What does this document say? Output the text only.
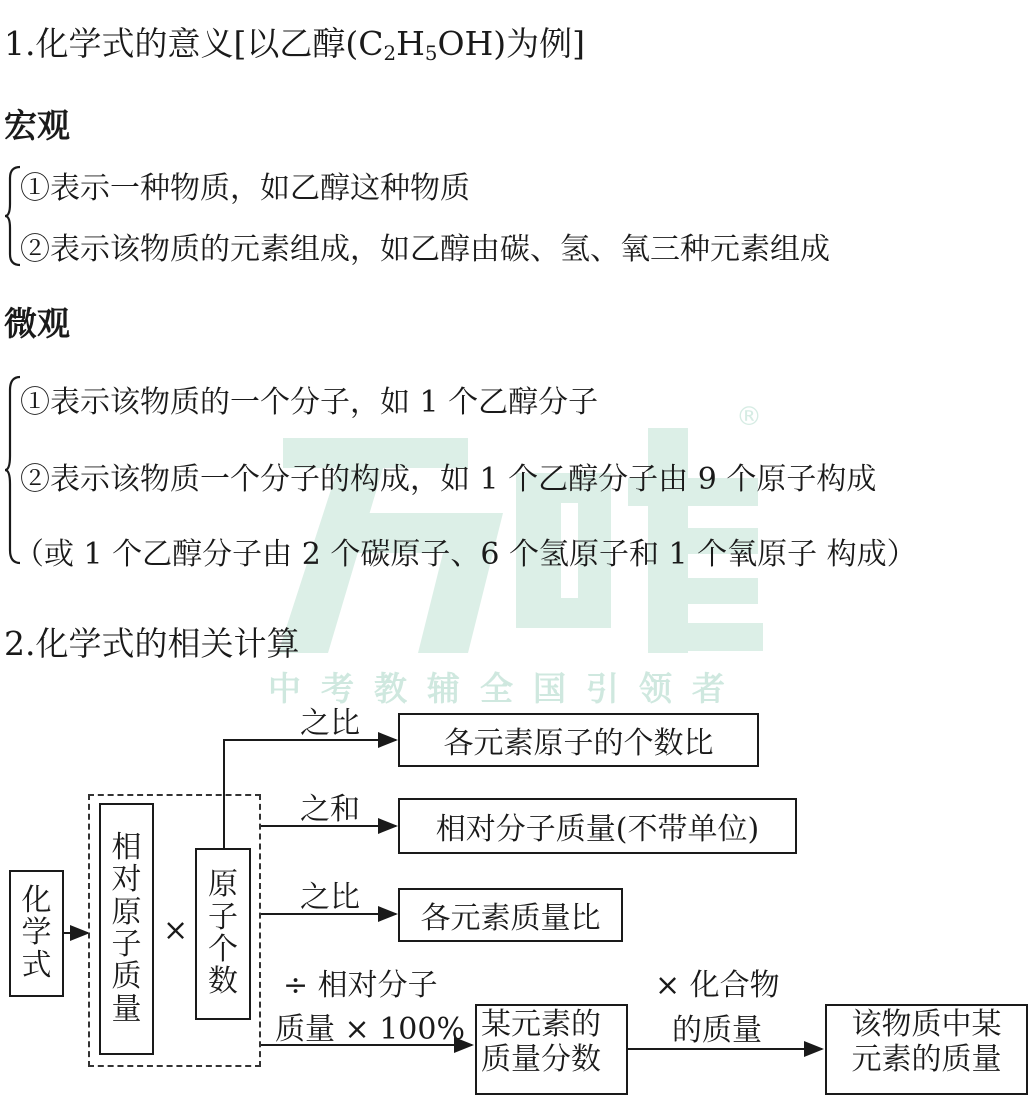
®
中考教辅全国引领者
1.化学式的意义[以乙醇$(C_2H_5OH)$为例]
宏观
①表示一种物质，如乙醇这种物质
②表示该物质的元素组成，如乙醇由碳、氢、氧三种元素组成
微观
①表示该物质的一个分子，如 1 个乙醇分子
②表示该物质一个分子的构成，如 1 个乙醇分子由 9 个原子构成
（或 1 个乙醇分子由 2 个碳原子、6 个氢原子和 1 个氧原子 构成）
2.化学式的相关计算
化
学
式
相
对
原
子
质
量
×
原
子
个
数
之比
各元素原子的个数比
之和
相对分子质量(不带单位)
之比
各元素质量比
÷ 相对分子
质量 × 100% 某元素的
质量分数
× 化合物
的质量	该物质中某
元素的质量
